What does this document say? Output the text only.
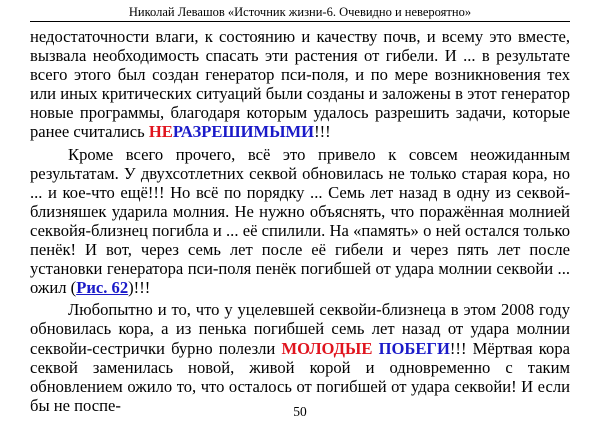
Николай Левашов «Источник жизни-6. Очевидно и невероятно»

недостаточности влаги, к состоянию и качеству почв, и всему это вместе, вызвала необходимость спасать эти растения от гибели. И ... в результате всего этого был создан генератор пси-поля, и по мере возникновения тех или иных критических ситуаций были созданы и заложены в этот генератор новые программы, благодаря которым удалось разрешить задачи, которые ранее считались НЕРАЗРЕШИМЫМИ!!!

Кроме всего прочего, всё это привело к совсем неожиданным результатам. У двухсотлетних секвой обновилась не только старая кора, но ... и кое-что ещё!!! Но всё по порядку ... Семь лет назад в одну из секвой-близняшек ударила молния. Не нужно объяснять, что поражённая молнией секвойя-близнец погибла и ... её спилили. На «память» о ней остался только пенёк! И вот, через семь лет после её гибели и через пять лет после установки генератора пси-поля пенёк погибшей от удара молнии секвойи ... ожил (Рис. 62)!!!

Любопытно и то, что у уцелевшей секвойи-близнеца в этом 2008 году обновилась кора, а из пенька погибшей семь лет назад от удара молнии секвойи-сестрички бурно полезли МОЛОДЫЕ ПОБЕГИ!!! Мёртвая кора секвой заменилась новой, живой корой и одновременно с таким обновлением ожило то, что осталось от погибшей от удара секвойи! И если бы не поспе-	50
